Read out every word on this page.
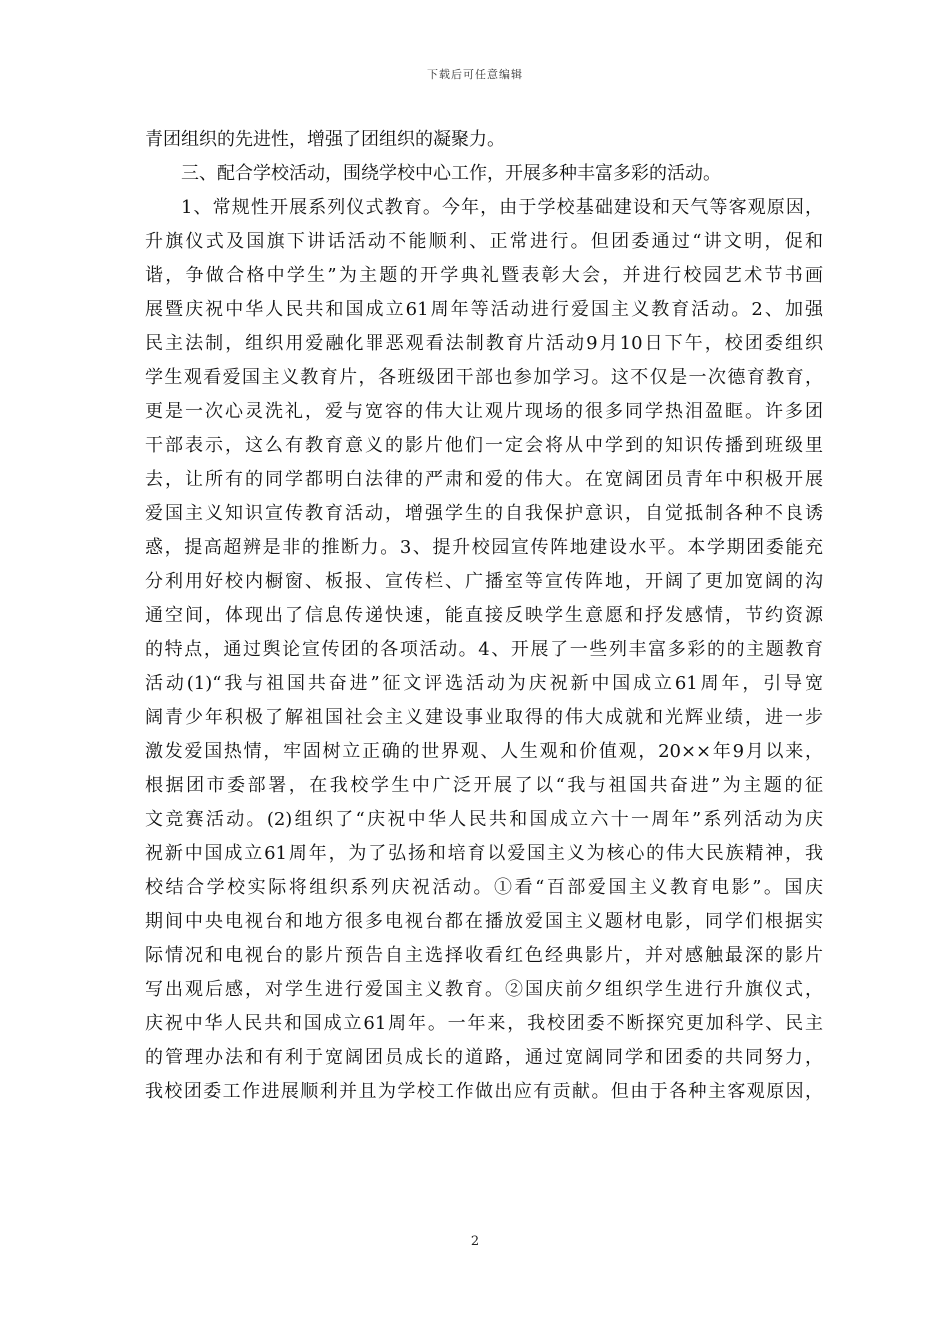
下载后可任意编辑
青团组织的先进性，增强了团组织的凝聚力。
三、配合学校活动，围绕学校中心工作，开展多种丰富多彩的活动。
1、常规性开展系列仪式教育。今年，由于学校基础建设和天气等客观原因，
升旗仪式及国旗下讲话活动不能顺利、正常进行。但团委通过“讲文明，促和
谐，争做合格中学生”为主题的开学典礼暨表彰大会，并进行校园艺术节书画
展暨庆祝中华人民共和国成立61周年等活动进行爱国主义教育活动。2、加强
民主法制，组织用爱融化罪恶观看法制教育片活动9月10日下午，校团委组织
学生观看爱国主义教育片，各班级团干部也参加学习。这不仅是一次德育教育，
更是一次心灵洗礼，爱与宽容的伟大让观片现场的很多同学热泪盈眶。许多团
干部表示，这么有教育意义的影片他们一定会将从中学到的知识传播到班级里
去，让所有的同学都明白法律的严肃和爱的伟大。在宽阔团员青年中积极开展
爱国主义知识宣传教育活动，增强学生的自我保护意识，自觉抵制各种不良诱
惑，提高超辨是非的推断力。3、提升校园宣传阵地建设水平。本学期团委能充
分利用好校内橱窗、板报、宣传栏、广播室等宣传阵地，开阔了更加宽阔的沟
通空间，体现出了信息传递快速，能直接反映学生意愿和抒发感情，节约资源
的特点，通过舆论宣传团的各项活动。4、开展了一些列丰富多彩的的主题教育
活动(1)“我与祖国共奋进”征文评选活动为庆祝新中国成立61周年，引导宽
阔青少年积极了解祖国社会主义建设事业取得的伟大成就和光辉业绩，进一步
激发爱国热情，牢固树立正确的世界观、人生观和价值观，20××年9月以来，
根据团市委部署，在我校学生中广泛开展了以“我与祖国共奋进”为主题的征
文竞赛活动。(2)组织了“庆祝中华人民共和国成立六十一周年”系列活动为庆
祝新中国成立61周年，为了弘扬和培育以爱国主义为核心的伟大民族精神，我
校结合学校实际将组织系列庆祝活动。①看“百部爱国主义教育电影”。国庆
期间中央电视台和地方很多电视台都在播放爱国主义题材电影，同学们根据实
际情况和电视台的影片预告自主选择收看红色经典影片，并对感触最深的影片
写出观后感，对学生进行爱国主义教育。②国庆前夕组织学生进行升旗仪式，
庆祝中华人民共和国成立61周年。一年来，我校团委不断探究更加科学、民主
的管理办法和有利于宽阔团员成长的道路，通过宽阔同学和团委的共同努力，
我校团委工作进展顺利并且为学校工作做出应有贡献。但由于各种主客观原因，
2
